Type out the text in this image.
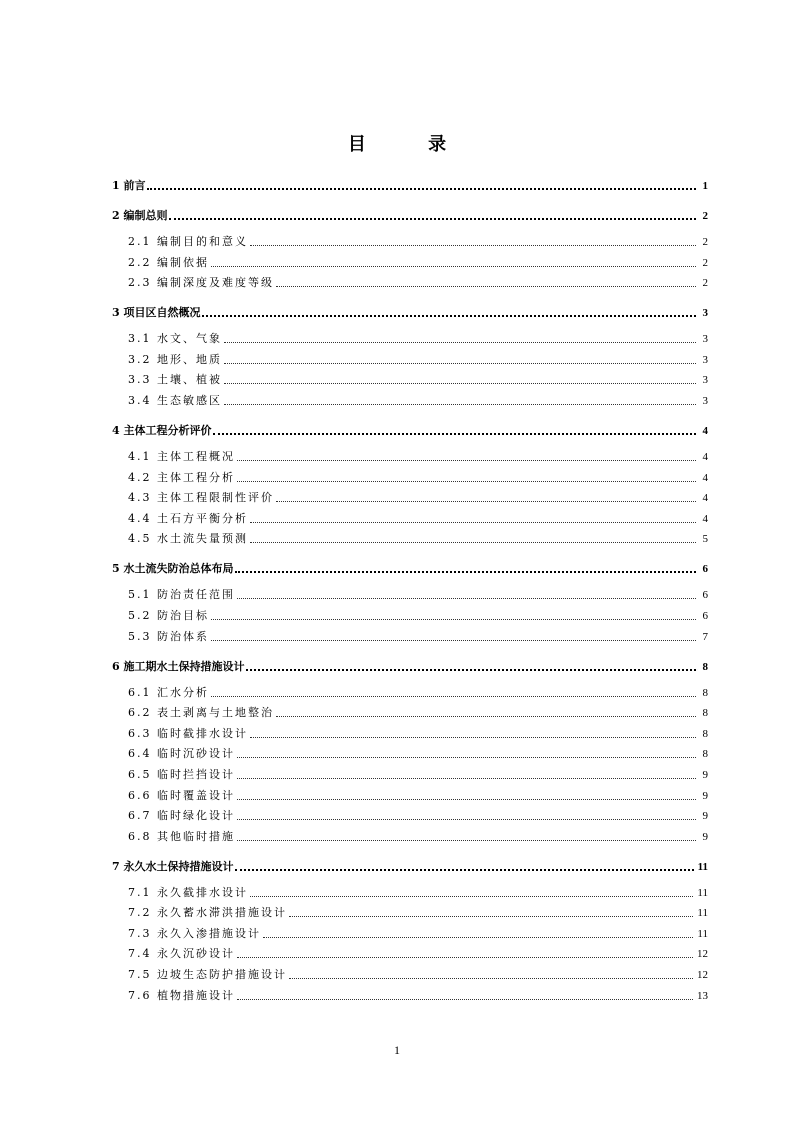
目 录
1 前言	1
2 编制总则	2
2.1 编制目的和意义	2
2.2 编制依据	2
2.3 编制深度及难度等级	2
3 项目区自然概况	3
3.1 水文、气象	3
3.2 地形、地质	3
3.3 土壤、植被	3
3.4 生态敏感区	3
4 主体工程分析评价	4
4.1 主体工程概况	4
4.2 主体工程分析	4
4.3 主体工程限制性评价	4
4.4 土石方平衡分析	4
4.5 水土流失量预测	5
5 水土流失防治总体布局	6
5.1 防治责任范围	6
5.2 防治目标	6
5.3 防治体系	7
6 施工期水土保持措施设计	8
6.1 汇水分析	8
6.2 表土剥离与土地整治	8
6.3 临时截排水设计	8
6.4 临时沉砂设计	8
6.5 临时拦挡设计	9
6.6 临时覆盖设计	9
6.7 临时绿化设计	9
6.8 其他临时措施	9
7 永久水土保持措施设计	11
7.1 永久截排水设计	11
7.2 永久蓄水滞洪措施设计	11
7.3 永久入渗措施设计	11
7.4 永久沉砂设计	12
7.5 边坡生态防护措施设计	12
7.6 植物措施设计	13
1
